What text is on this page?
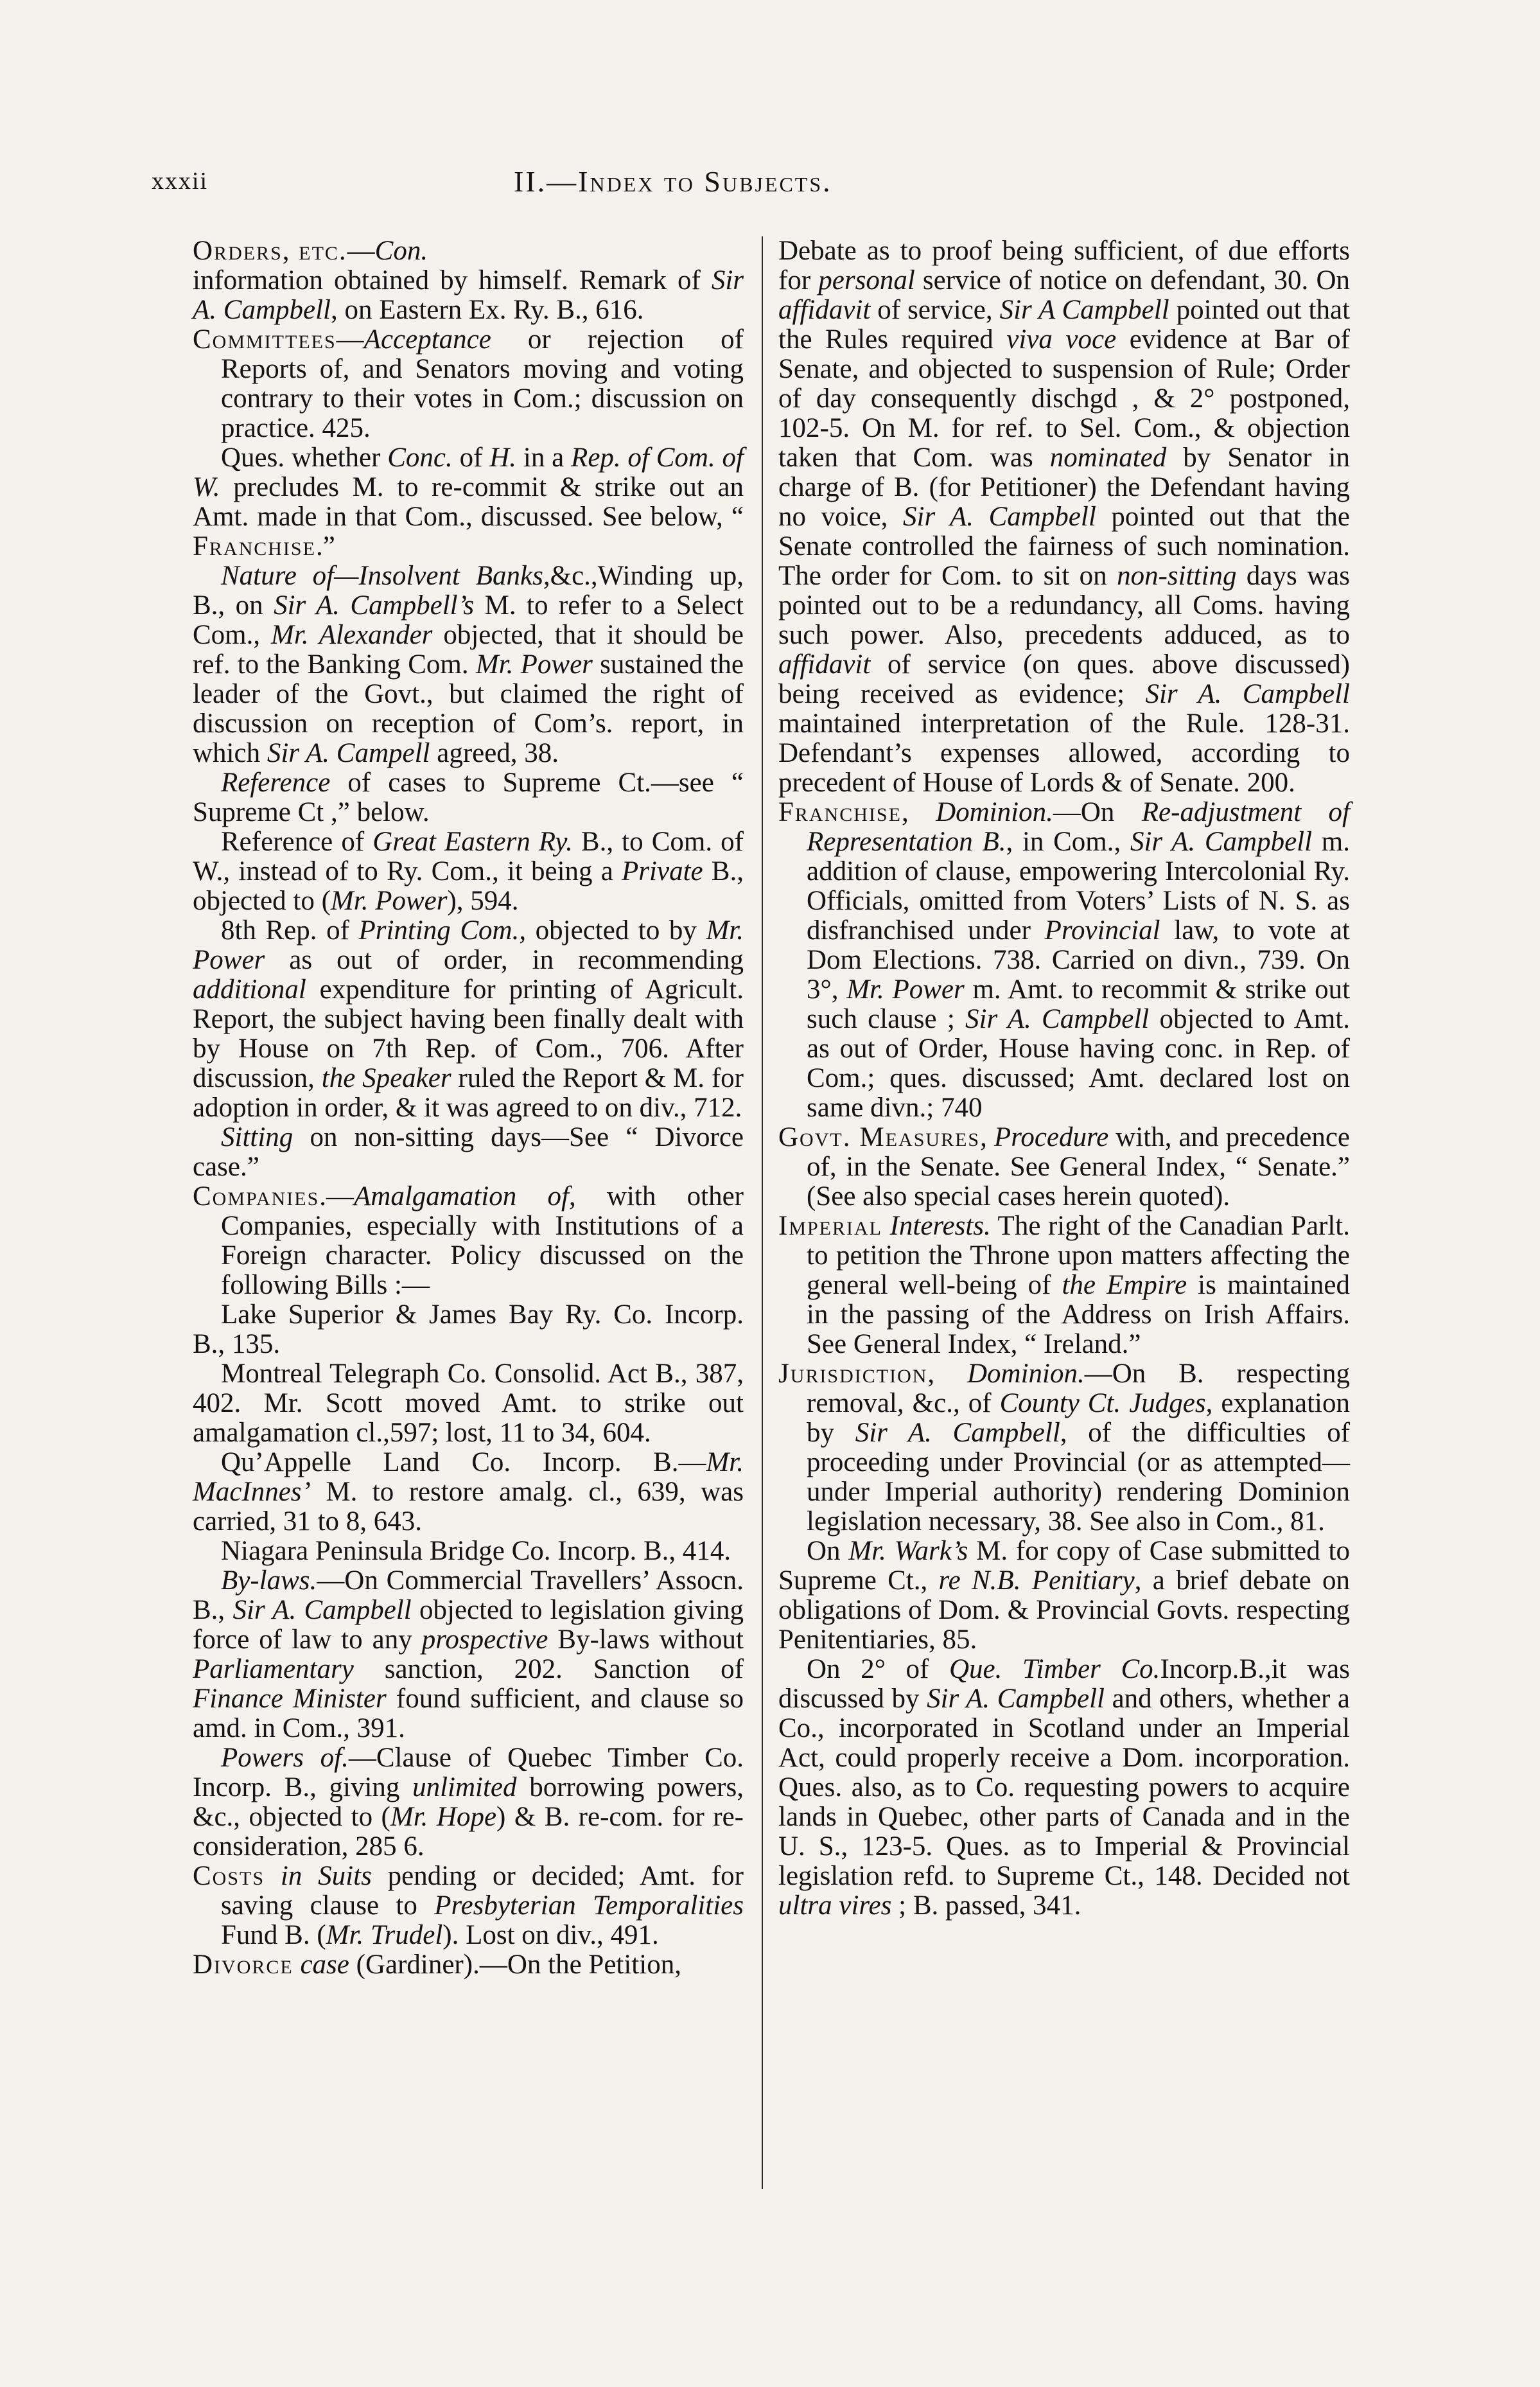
xxxii	II.—Index to Subjects.

Orders, etc.—Con.

information obtained by himself. Remark of Sir A. Campbell, on Eastern Ex. Ry. B., 616.

Committees—Acceptance or rejection of Reports of, and Senators moving and voting contrary to their votes in Com.; discussion on practice. 425.

Ques. whether Conc. of H. in a Rep. of Com. of W. precludes M. to re-commit & strike out an Amt. made in that Com., discussed. See below, “ Franchise.”

Nature of—Insolvent Banks,&c.,Winding up, B., on Sir A. Campbell’s M. to refer to a Select Com., Mr. Alexander objected, that it should be ref. to the Banking Com. Mr. Power sustained the leader of the Govt., but claimed the right of discussion on reception of Com’s. report, in which Sir A. Campell agreed, 38.

Reference of cases to Supreme Ct.—see “ Supreme Ct ,” below.

Reference of Great Eastern Ry. B., to Com. of W., instead of to Ry. Com., it being a Private B., objected to (Mr. Power), 594.

8th Rep. of Printing Com., objected to by Mr. Power as out of order, in recommending additional expenditure for printing of Agricult. Report, the subject having been finally dealt with by House on 7th Rep. of Com., 706. After discussion, the Speaker ruled the Report & M. for adoption in order, & it was agreed to on div., 712.

Sitting on non-sitting days—See “ Divorce case.”

Companies.—Amalgamation of, with other Companies, especially with Institutions of a Foreign character. Policy discussed on the following Bills :—

Lake Superior & James Bay Ry. Co. Incorp. B., 135.

Montreal Telegraph Co. Consolid. Act B., 387, 402. Mr. Scott moved Amt. to strike out amalgamation cl.,597; lost, 11 to 34, 604.

Qu’Appelle Land Co. Incorp. B.—Mr. MacInnes’ M. to restore amalg. cl., 639, was carried, 31 to 8, 643.

Niagara Peninsula Bridge Co. Incorp. B., 414.

By-laws.—On Commercial Travellers’ Assocn. B., Sir A. Campbell objected to legislation giving force of law to any prospective By-laws without Parliamentary sanction, 202. Sanction of Finance Minister found sufficient, and clause so amd. in Com., 391.

Powers of.—Clause of Quebec Timber Co. Incorp. B., giving unlimited borrowing powers, &c., objected to (Mr. Hope) & B. re-com. for re-consideration, 285 6.

Costs in Suits pending or decided; Amt. for saving clause to Presbyterian Temporalities Fund B. (Mr. Trudel). Lost on div., 491.

Divorce case (Gardiner).—On the Petition,

Debate as to proof being sufficient, of due efforts for personal service of notice on defendant, 30. On affidavit of service, Sir A Campbell pointed out that the Rules required viva voce evidence at Bar of Senate, and objected to suspension of Rule; Order of day consequently dischgd , & 2° postponed, 102-5. On M. for ref. to Sel. Com., & objection taken that Com. was nominated by Senator in charge of B. (for Petitioner) the Defendant having no voice, Sir A. Campbell pointed out that the Senate controlled the fairness of such nomination. The order for Com. to sit on non-sitting days was pointed out to be a redundancy, all Coms. having such power. Also, precedents adduced, as to affidavit of service (on ques. above discussed) being received as evidence; Sir A. Campbell maintained interpretation of the Rule. 128-31. Defendant’s expenses allowed, according to precedent of House of Lords & of Senate. 200.

Franchise, Dominion.—On Re-adjustment of Representation B., in Com., Sir A. Campbell m. addition of clause, empowering Intercolonial Ry. Officials, omitted from Voters’ Lists of N. S. as disfranchised under Provincial law, to vote at Dom Elections. 738. Carried on divn., 739. On 3°, Mr. Power m. Amt. to recommit & strike out such clause ; Sir A. Campbell objected to Amt. as out of Order, House having conc. in Rep. of Com.; ques. discussed; Amt. declared lost on same divn.; 740

Govt. Measures, Procedure with, and precedence of, in the Senate. See General Index, “ Senate.” (See also special cases herein quoted).

Imperial Interests. The right of the Canadian Parlt. to petition the Throne upon matters affecting the general well-being of the Empire is maintained in the passing of the Address on Irish Affairs. See General Index, “ Ireland.”

Jurisdiction, Dominion.—On B. respecting removal, &c., of County Ct. Judges, explanation by Sir A. Campbell, of the difficulties of proceeding under Provincial (or as attempted—under Imperial authority) rendering Dominion legislation necessary, 38. See also in Com., 81.

On Mr. Wark’s M. for copy of Case submitted to Supreme Ct., re N.B. Penitiary, a brief debate on obligations of Dom. & Provincial Govts. respecting Penitentiaries, 85.

On 2° of Que. Timber Co.Incorp.B.,it was discussed by Sir A. Campbell and others, whether a Co., incorporated in Scotland under an Imperial Act, could properly receive a Dom. incorporation. Ques. also, as to Co. requesting powers to acquire lands in Quebec, other parts of Canada and in the U. S., 123-5. Ques. as to Imperial & Provincial legislation refd. to Supreme Ct., 148. Decided not ultra vires ; B. passed, 341.
